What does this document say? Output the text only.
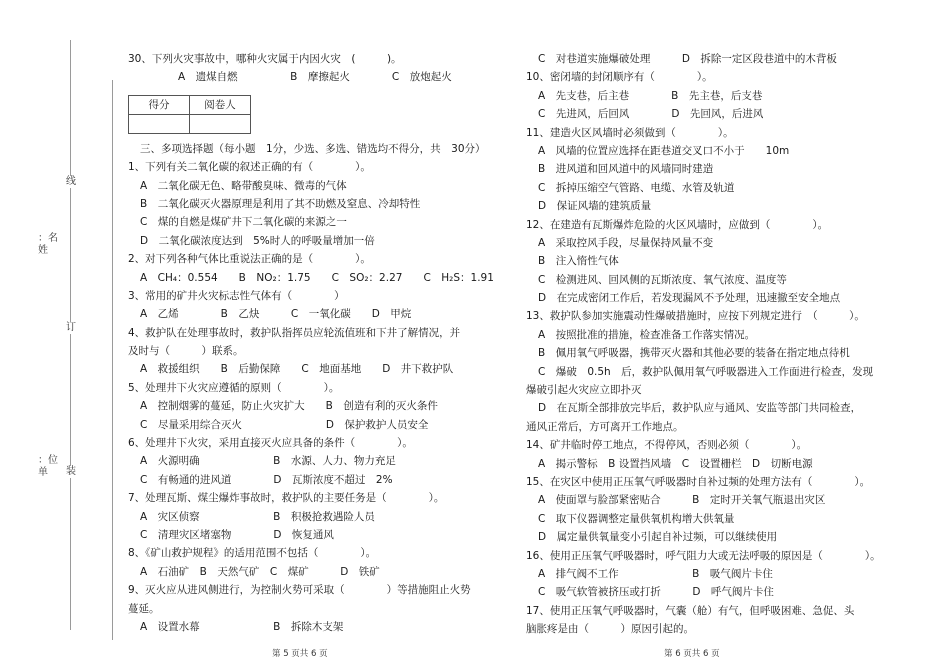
线
订
装
：名
姓
：位
单
30、下列火灾事故中，哪种火灾属于内因火灾　(　　　)。
A　遗煤自燃　　　　　B　摩擦起火　　　　C　放炮起火
得分	阅卷人

三、多项选择题（每小题　1分，少选、多选、错选均不得分，共　30分）
1、下列有关二氧化碳的叙述正确的有（　　　　）。
A　二氧化碳无色、略带酸臭味、微毒的气体
B　二氧化碳灭火器原理是利用了其不助燃及窒息、冷却特性
C　煤的自燃是煤矿井下二氧化碳的来源之一
D　二氧化碳浓度达到　5%时人的呼吸量增加一倍
2、对下列各种气体比重说法正确的是（　　　　）。
A　CH₄：0.554　　B　NO₂：1.75　　C　SO₂：2.27　　C　H₂S：1.91
3、常用的矿井火灾标志性气体有（　　　　）
A　乙烯　　　　B　乙炔　　　C　一氧化碳　　D　甲烷
4、救护队在处理事故时，救护队指挥员应轮流值班和下井了解情况，并
及时与（　　　）联系。
A　救援组织　　B　后勤保障　　C　地面基地　　D　井下救护队
5、处理井下火灾应遵循的原则（　　　　）。
A　控制烟雾的蔓延，防止火灾扩大　　B　创造有利的灭火条件
C　尽量采用综合灭火　　　　　　　　D　保护救护人员安全
6、处理井下火灾，采用直接灭火应具备的条件（　　　　）。
A　火源明确　　　　　　　B　水源、人力、物力充足
C　有畅通的进风道　　　　D　瓦斯浓度不超过　2%
7、处理瓦斯、煤尘爆炸事故时，救护队的主要任务是（　　　　）。
A　灾区侦察　　　　　　　B　积极抢救遇险人员
C　清理灾区堵塞物　　　　D　恢复通风
8、《矿山救护规程》的适用范围不包括（　　　　）。
A　石油矿　B　天然气矿　C　煤矿　　　D　铁矿
9、灭火应从进风侧进行，为控制火势可采取（　　　　）等措施阻止火势
蔓延。
A　设置水幕　　　　　　　B　拆除木支架
C　对巷道实施爆破处理　　　D　拆除一定区段巷道中的木背板
10、密闭墙的封闭顺序有（　　　　）。
A　先支巷，后主巷　　　　B　先主巷，后支巷
C　先进风，后回风　　　　D　先回风，后进风
11、建造火区风墙时必须做到（　　　　）。
A　风墙的位置应选择在距巷道交叉口不小于　　10m
B　进风道和回风道中的风墙同时建造
C　拆掉压缩空气管路、电缆、水管及轨道
D　保证风墙的建筑质量
12、在建造有瓦斯爆炸危险的火区风墙时，应做到（　　　　）。
A　采取控风手段，尽量保持风量不变
B　注入惰性气体
C　检测进风、回风侧的瓦斯浓度、氧气浓度、温度等
D　在完成密闭工作后，若发现漏风不予处理，迅速撤至安全地点
13、救护队参加实施震动性爆破措施时，应按下列规定进行　（　　　）。
A　按照批准的措施，检查准备工作落实情况。
B　佩用氧气呼吸器，携带灭火器和其他必要的装备在指定地点待机
C　爆破　0.5h　后，救护队佩用氧气呼吸器进入工作面进行检查，发现
爆破引起火灾应立即扑灭
D　在瓦斯全部排放完毕后，救护队应与通风、安监等部门共同检查，
通风正常后，方可离开工作地点。
14、矿井临时停工地点，不得停风，否则必须（　　　　）。
A　揭示警标　B 设置挡风墙　C　设置栅栏　D　切断电源
15、在灾区中使用正压氧气呼吸器时自补过频的处理方法有（　　　　）。
A　使面罩与脸部紧密贴合　　　B　定时开关氧气瓶退出灾区
C　取下仪器调整定量供氧机构增大供氧量
D　属定量供氧量变小引起自补过频，可以继续使用
16、使用正压氧气呼吸器时，呼气阻力大或无法呼吸的原因是（　　　　）。
A　排气阀不工作　　　　　　　B　吸气阀片卡住
C　吸气软管被挤压或打折　　　D　呼气阀片卡住
17、使用正压氧气呼吸器时，气囊（舱）有气，但呼吸困难、急促、头
脑胀疼是由（　　　）原因引起的。
第 5 页共 6 页	第 6 页共 6 页
